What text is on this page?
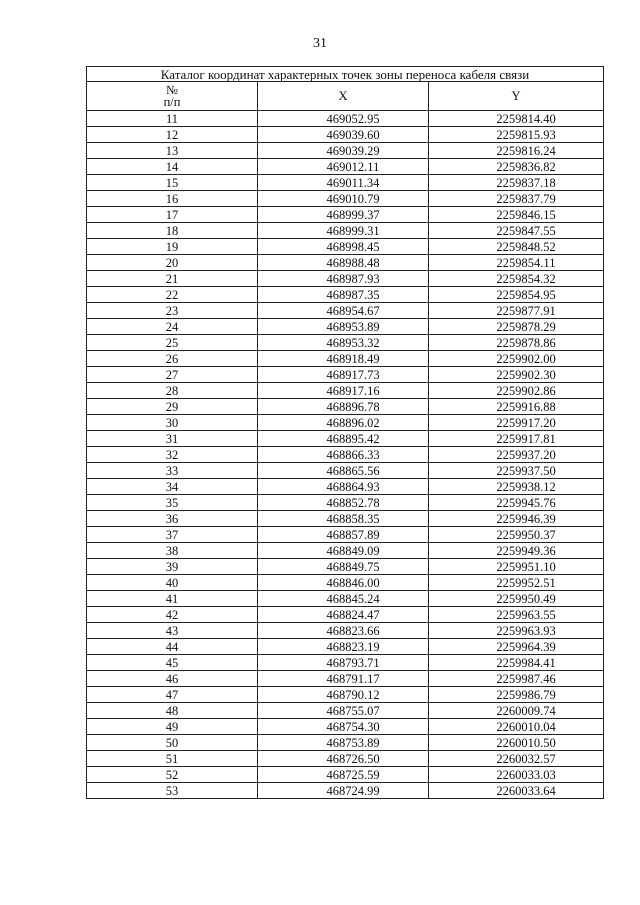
31
Каталог координат характерных точек зоны переноса кабеля связи		

№
п/п	X	Y
11	469052.95	2259814.40
12	469039.60	2259815.93
13	469039.29	2259816.24
14	469012.11	2259836.82
15	469011.34	2259837.18
16	469010.79	2259837.79
17	468999.37	2259846.15
18	468999.31	2259847.55
19	468998.45	2259848.52
20	468988.48	2259854.11
21	468987.93	2259854.32
22	468987.35	2259854.95
23	468954.67	2259877.91
24	468953.89	2259878.29
25	468953.32	2259878.86
26	468918.49	2259902.00
27	468917.73	2259902.30
28	468917.16	2259902.86
29	468896.78	2259916.88
30	468896.02	2259917.20
31	468895.42	2259917.81
32	468866.33	2259937.20
33	468865.56	2259937.50
34	468864.93	2259938.12
35	468852.78	2259945.76
36	468858.35	2259946.39
37	468857.89	2259950.37
38	468849.09	2259949.36
39	468849.75	2259951.10
40	468846.00	2259952.51
41	468845.24	2259950.49
42	468824.47	2259963.55
43	468823.66	2259963.93
44	468823.19	2259964.39
45	468793.71	2259984.41
46	468791.17	2259987.46
47	468790.12	2259986.79
48	468755.07	2260009.74
49	468754.30	2260010.04
50	468753.89	2260010.50
51	468726.50	2260032.57
52	468725.59	2260033.03
53	468724.99	2260033.64
